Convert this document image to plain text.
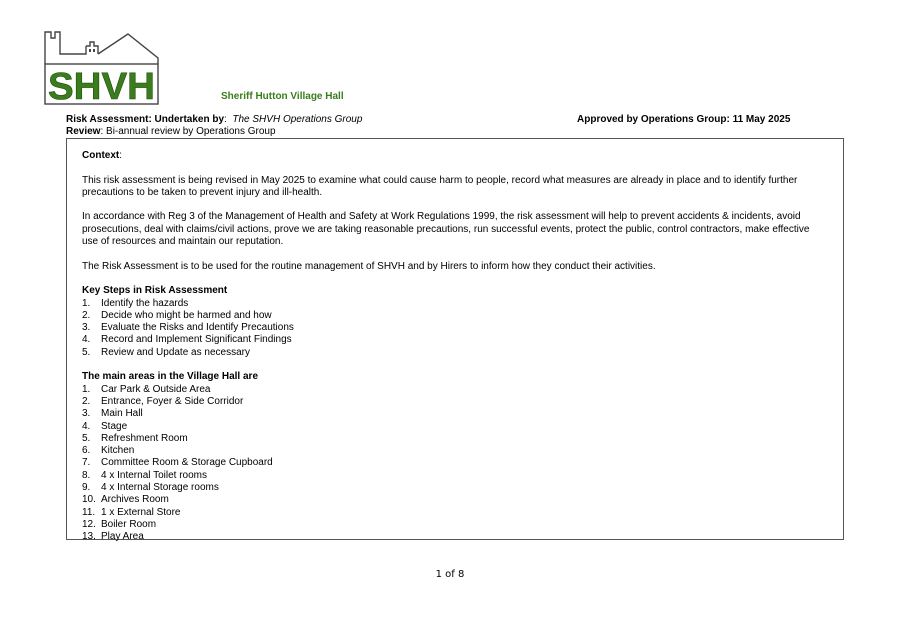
SHVH	Sheriff Hutton Village Hall
Risk Assessment: Undertaken by: The SHVH Operations Group
Review: Bi-annual review by Operations Group
Approved by Operations Group: 11 May 2025

Context:

This risk assessment is being revised in May 2025 to examine what could cause harm to people, record what measures are already in place and to identify further precautions to be taken to prevent injury and ill-health.

In accordance with Reg 3 of the Management of Health and Safety at Work Regulations 1999, the risk assessment will help to prevent accidents & incidents, avoid prosecutions, deal with claims/civil actions, prove we are taking reasonable precautions, run successful events, protect the public, control contractors, make effective use of resources and maintain our reputation.

The Risk Assessment is to be used for the routine management of SHVH and by Hirers to inform how they conduct their activities.

Key Steps in Risk Assessment

1.	Identify the hazards
2.	Decide who might be harmed and how
3.	Evaluate the Risks and Identify Precautions
4.	Record and Implement Significant Findings
5.	Review and Update as necessary

The main areas in the Village Hall are

1.	Car Park & Outside Area
2.	Entrance, Foyer & Side Corridor
3.	Main Hall
4.	Stage
5.	Refreshment Room
6.	Kitchen
7.	Committee Room & Storage Cupboard
8.	4 x Internal Toilet rooms
9.	4 x Internal Storage rooms
10. Archives Room
11. 1 x External Store
12. Boiler Room
13. Play Area
1 of 8
